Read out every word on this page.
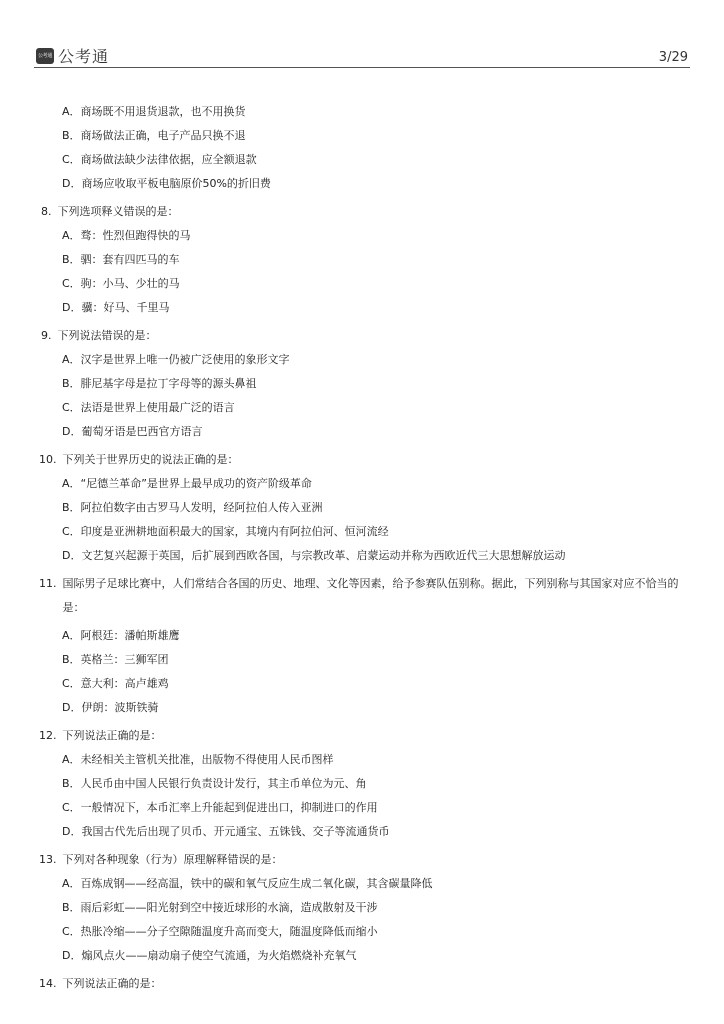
公考通 公考通	3/29
A．商场既不用退货退款，也不用换货
B．商场做法正确，电子产品只换不退
C．商场做法缺少法律依据，应全额退款
D．商场应收取平板电脑原价50%的折旧费
8. 下列选项释义错误的是：
A．骛：性烈但跑得快的马
B．驷：套有四匹马的车
C．驹：小马、少壮的马
D．骥：好马、千里马
9. 下列说法错误的是：
A．汉字是世界上唯一仍被广泛使用的象形文字
B．腓尼基字母是拉丁字母等的源头鼻祖
C．法语是世界上使用最广泛的语言
D．葡萄牙语是巴西官方语言
10. 下列关于世界历史的说法正确的是：
A．“尼德兰革命”是世界上最早成功的资产阶级革命
B．阿拉伯数字由古罗马人发明，经阿拉伯人传入亚洲
C．印度是亚洲耕地面积最大的国家，其境内有阿拉伯河、恒河流经
D．文艺复兴起源于英国，后扩展到西欧各国，与宗教改革、启蒙运动并称为西欧近代三大思想解放运动
11. 国际男子足球比赛中，人们常结合各国的历史、地理、文化等因素，给予参赛队伍别称。据此，下列别称与其国家对应不恰当的是：
A．阿根廷：潘帕斯雄鹰
B．英格兰：三狮军团
C．意大利：高卢雄鸡
D．伊朗：波斯铁骑
12. 下列说法正确的是：
A．未经相关主管机关批准，出版物不得使用人民币图样
B．人民币由中国人民银行负责设计发行，其主币单位为元、角
C．一般情况下，本币汇率上升能起到促进出口，抑制进口的作用
D．我国古代先后出现了贝币、开元通宝、五铢钱、交子等流通货币
13. 下列对各种现象（行为）原理解释错误的是：
A．百炼成钢——经高温，铁中的碳和氧气反应生成二氧化碳，其含碳量降低
B．雨后彩虹——阳光射到空中接近球形的水滴，造成散射及干涉
C．热胀冷缩——分子空隙随温度升高而变大，随温度降低而缩小
D．煽风点火——扇动扇子使空气流通，为火焰燃烧补充氧气
14. 下列说法正确的是：
